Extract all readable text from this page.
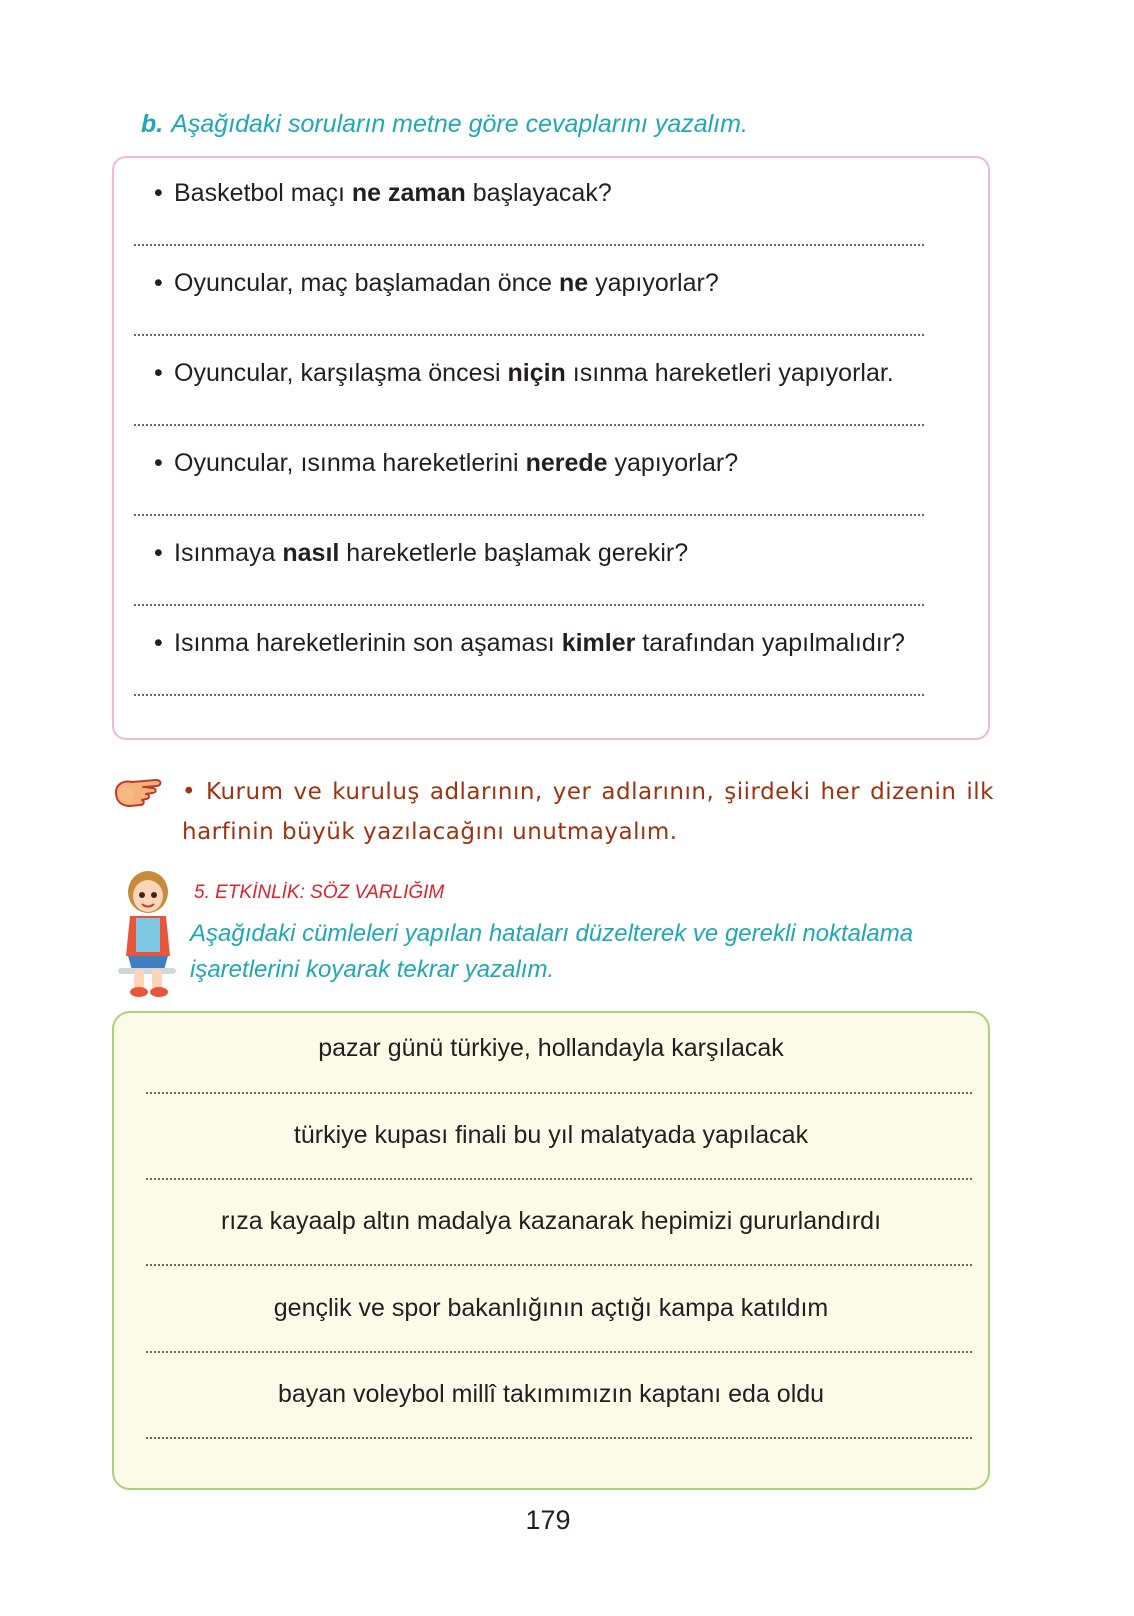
b. Aşağıdaki soruların metne göre cevaplarını yazalım.
• Basketbol maçı ne zaman başlayacak?
• Oyuncular, maç başlamadan önce ne yapıyorlar?
• Oyuncular, karşılaşma öncesi niçin ısınma hareketleri yapıyorlar.
• Oyuncular, ısınma hareketlerini nerede yapıyorlar?
• Isınmaya nasıl hareketlerle başlamak gerekir?
• Isınma hareketlerinin son aşaması kimler tarafından yapılmalıdır?
• Kurum ve kuruluş adlarının, yer adlarının, şiirdeki her dizenin ilk harfinin büyük yazılacağını unutmayalım.
5. ETKİNLİK: SÖZ VARLIĞIM
Aşağıdaki cümleleri yapılan hataları düzelterek ve gerekli noktalama işaretlerini koyarak tekrar yazalım.
pazar günü türkiye, hollandayla karşılacak
türkiye kupası finali bu yıl malatyada yapılacak
rıza kayaalp altın madalya kazanarak hepimizi gururlandırdı
gençlik ve spor bakanlığının açtığı kampa katıldım
bayan voleybol millî takımımızın kaptanı eda oldu
179
